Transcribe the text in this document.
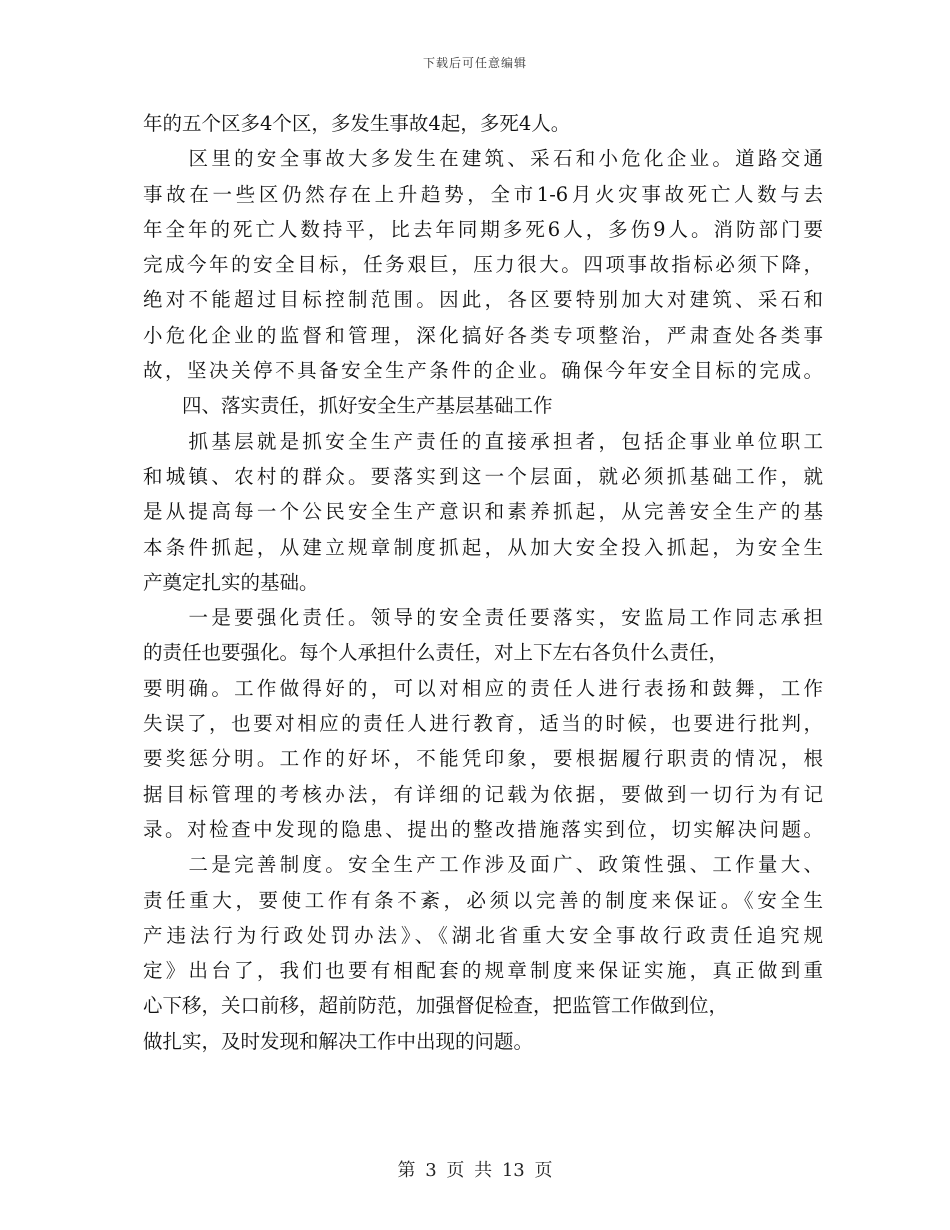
下载后可任意编辑
年的五个区多4个区，多发生事故4起，多死4人。
　　区里的安全事故大多发生在建筑、采石和小危化企业。道路交通
事故在一些区仍然存在上升趋势，全市1-6月火灾事故死亡人数与去
年全年的死亡人数持平，比去年同期多死6人，多伤9人。消防部门要
完成今年的安全目标，任务艰巨，压力很大。四项事故指标必须下降，
绝对不能超过目标控制范围。因此，各区要特别加大对建筑、采石和
小危化企业的监督和管理，深化搞好各类专项整治，严肃查处各类事
故，坚决关停不具备安全生产条件的企业。确保今年安全目标的完成。
　　四、落实责任，抓好安全生产基层基础工作
　　抓基层就是抓安全生产责任的直接承担者，包括企事业单位职工
和城镇、农村的群众。要落实到这一个层面，就必须抓基础工作，就
是从提高每一个公民安全生产意识和素养抓起，从完善安全生产的基
本条件抓起，从建立规章制度抓起，从加大安全投入抓起，为安全生
产奠定扎实的基础。
　　一是要强化责任。领导的安全责任要落实，安监局工作同志承担
的责任也要强化。每个人承担什么责任，对上下左右各负什么责任，
要明确。工作做得好的，可以对相应的责任人进行表扬和鼓舞，工作
失误了，也要对相应的责任人进行教育，适当的时候，也要进行批判，
要奖惩分明。工作的好坏，不能凭印象，要根据履行职责的情况，根
据目标管理的考核办法，有详细的记载为依据，要做到一切行为有记
录。对检查中发现的隐患、提出的整改措施落实到位，切实解决问题。
　　二是完善制度。安全生产工作涉及面广、政策性强、工作量大、
责任重大，要使工作有条不紊，必须以完善的制度来保证。《安全生
产违法行为行政处罚办法》、《湖北省重大安全事故行政责任追究规
定》出台了，我们也要有相配套的规章制度来保证实施，真正做到重
心下移，关口前移，超前防范，加强督促检查，把监管工作做到位，
做扎实，及时发现和解决工作中出现的问题。
第 3 页 共 13 页
